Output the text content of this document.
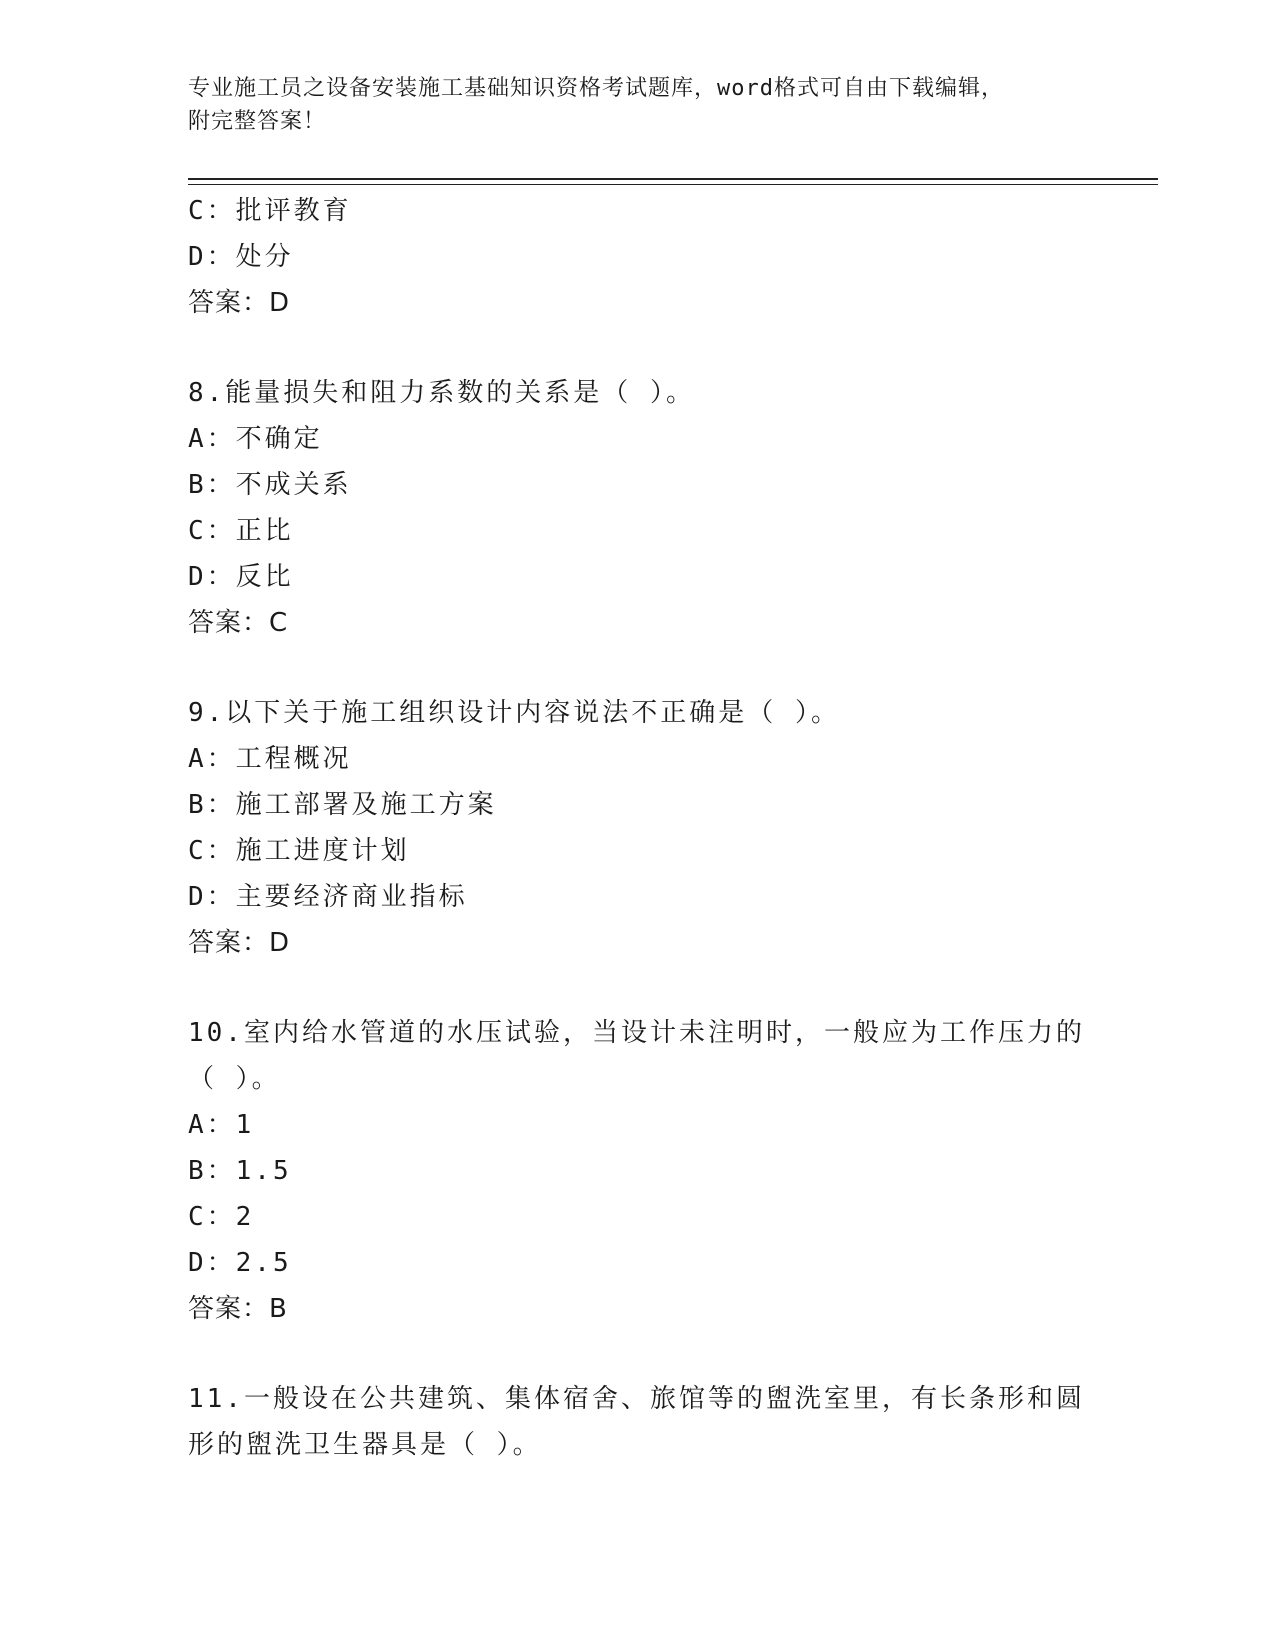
专业施工员之设备安装施工基础知识资格考试题库，word格式可自由下载编辑，
附完整答案！
C：批评教育
D：处分
答案：D
8.能量损失和阻力系数的关系是（ ）。
A：不确定
B：不成关系
C：正比
D：反比
答案：C
9.以下关于施工组织设计内容说法不正确是（ ）。
A：工程概况
B：施工部署及施工方案
C：施工进度计划
D：主要经济商业指标
答案：D
10.室内给水管道的水压试验，当设计未注明时，一般应为工作压力的
（ ）。
A：1
B：1.5
C：2
D：2.5
答案：B
11.一般设在公共建筑、集体宿舍、旅馆等的盥洗室里，有长条形和圆
形的盥洗卫生器具是（ ）。
